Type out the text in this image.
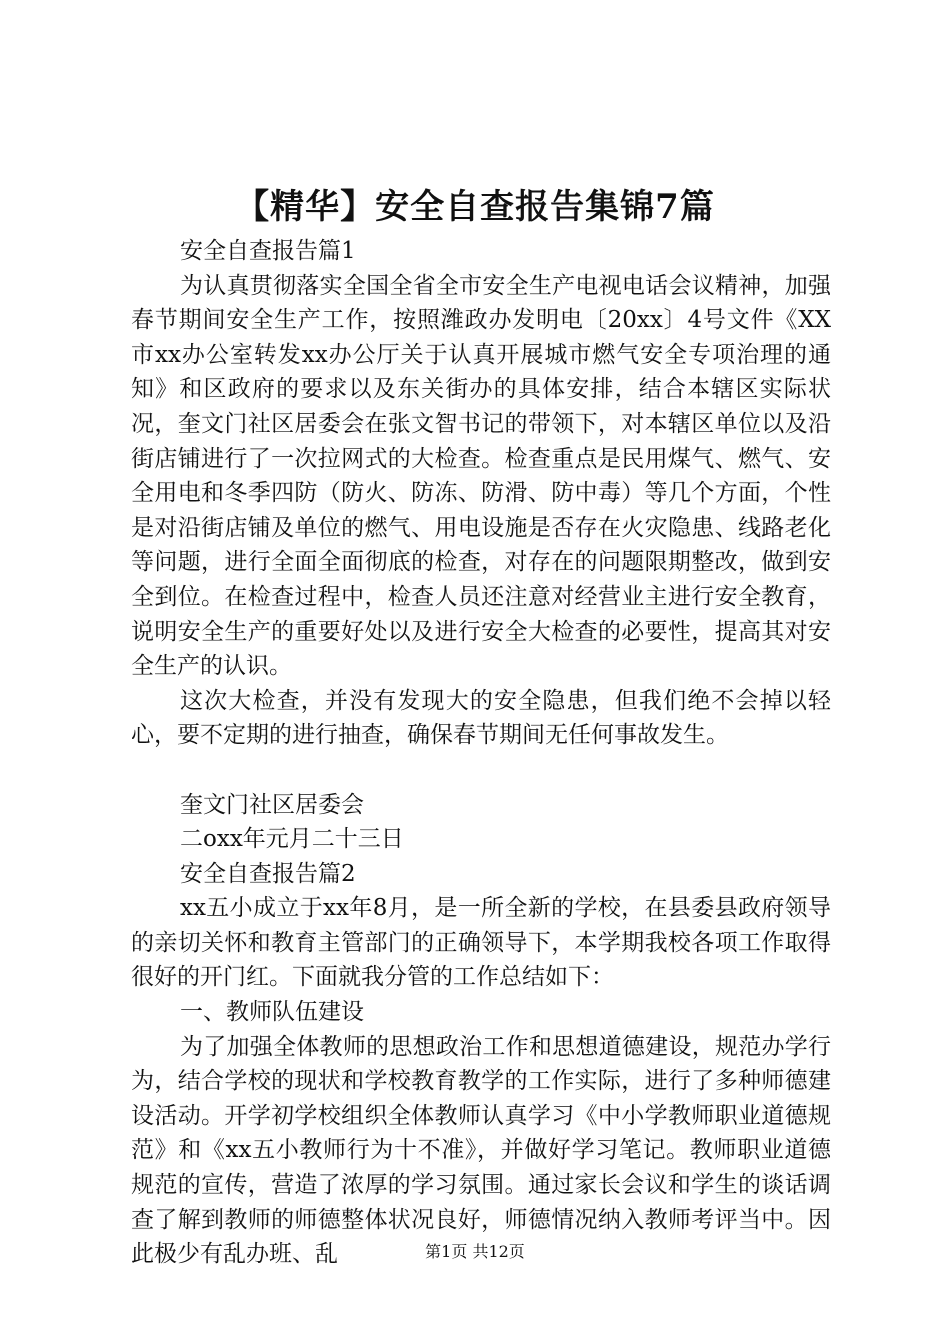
【精华】安全自查报告集锦7篇

安全自查报告篇1

为认真贯彻落实全国全省全市安全生产电视电话会议精神，加强春节期间安全生产工作，按照潍政办发明电〔20xx〕4号文件《XX市xx办公室转发xx办公厅关于认真开展城市燃气安全专项治理的通知》和区政府的要求以及东关街办的具体安排，结合本辖区实际状况，奎文门社区居委会在张文智书记的带领下，对本辖区单位以及沿街店铺进行了一次拉网式的大检查。检查重点是民用煤气、燃气、安全用电和冬季四防（防火、防冻、防滑、防中毒）等几个方面，个性是对沿街店铺及单位的燃气、用电设施是否存在火灾隐患、线路老化等问题，进行全面全面彻底的检查，对存在的问题限期整改，做到安全到位。在检查过程中，检查人员还注意对经营业主进行安全教育，说明安全生产的重要好处以及进行安全大检查的必要性，提高其对安全生产的认识。

这次大检查，并没有发现大的安全隐患，但我们绝不会掉以轻心，要不定期的进行抽查，确保春节期间无任何事故发生。

奎文门社区居委会

二oxx年元月二十三日

安全自查报告篇2

xx五小成立于xx年8月，是一所全新的学校，在县委县政府领导的亲切关怀和教育主管部门的正确领导下，本学期我校各项工作取得很好的开门红。下面就我分管的工作总结如下：

一、教师队伍建设

为了加强全体教师的思想政治工作和思想道德建设，规范办学行为，结合学校的现状和学校教育教学的工作实际，进行了多种师德建设活动。开学初学校组织全体教师认真学习《中小学教师职业道德规范》和《xx五小教师行为十不准》，并做好学习笔记。教师职业道德规范的宣传，营造了浓厚的学习氛围。通过家长会议和学生的谈话调查了解到教师的师德整体状况良好，师德情况纳入教师考评当中。因此极少有乱办班、乱	第1页 共12页
